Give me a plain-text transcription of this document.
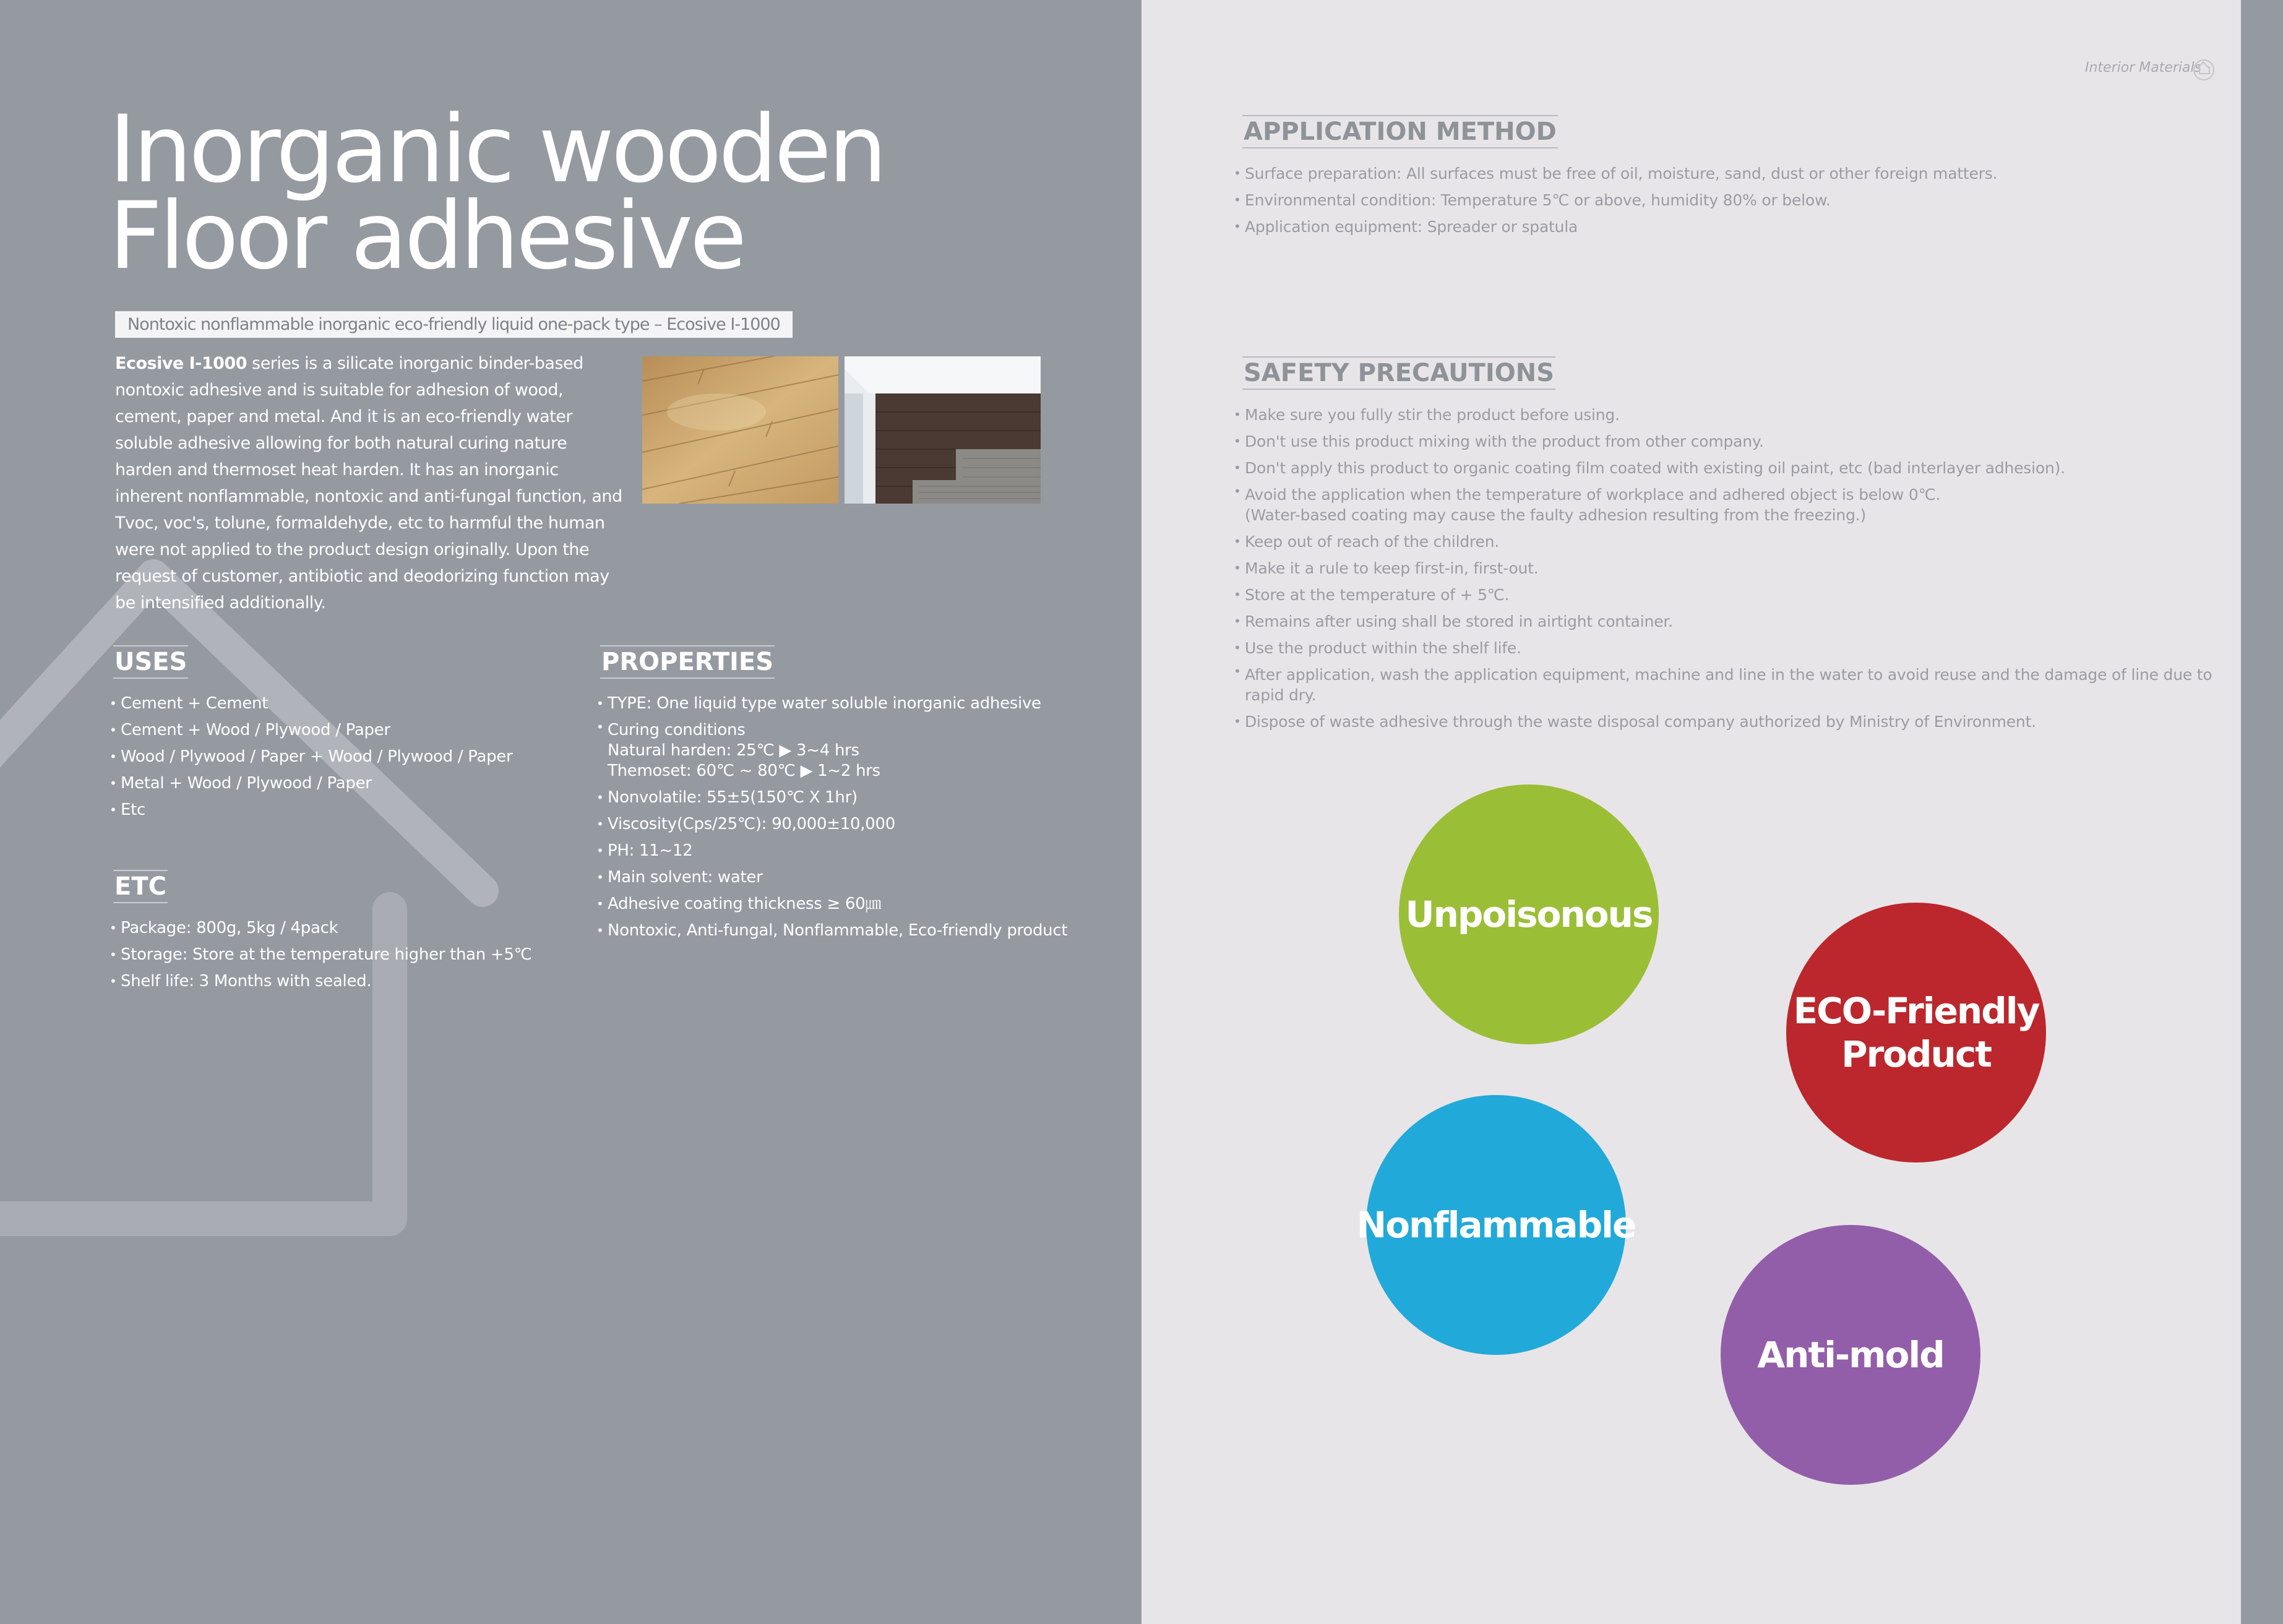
Inorganic wooden
Floor adhesive
Nontoxic nonflammable inorganic eco-friendly liquid one-pack type – Ecosive I-1000
Ecosive I-1000 series is a silicate inorganic binder-based nontoxic adhesive and is suitable for adhesion of wood, cement, paper and metal. And it is an eco-friendly water soluble adhesive allowing for both natural curing nature harden and thermoset heat harden. It has an inorganic inherent nonflammable, nontoxic and anti-fungal function, and Tvoc, voc's, tolune, formaldehyde, etc to harmful the human were not applied to the product design originally. Upon the request of customer, antibiotic and deodorizing function may be intensified additionally.
USES
• Cement + Cement
• Cement + Wood / Plywood / Paper
• Wood / Plywood / Paper + Wood / Plywood / Paper
• Metal + Wood / Plywood / Paper
• Etc
ETC
• Package: 800g, 5kg / 4pack
• Storage: Store at the temperature higher than +5℃
• Shelf life: 3 Months with sealed.
PROPERTIES
• TYPE: One liquid type water soluble inorganic adhesive
• Curing conditions
Natural harden: 25℃ ▶ 3~4 hrs
Themoset: 60℃ ~ 80℃ ▶ 1~2 hrs
• Nonvolatile: 55±5(150℃ X 1hr)
• Viscosity(Cps/25℃): 90,000±10,000
• PH: 11~12
• Main solvent: water
• Adhesive coating thickness ≥ 60㎛
• Nontoxic, Anti-fungal, Nonflammable, Eco-friendly product
Interior Materials
APPLICATION METHOD
• Surface preparation: All surfaces must be free of oil, moisture, sand, dust or other foreign matters.
• Environmental condition: Temperature 5℃ or above, humidity 80% or below.
• Application equipment: Spreader or spatula
SAFETY PRECAUTIONS
• Make sure you fully stir the product before using.
• Don't use this product mixing with the product from other company.
• Don't apply this product to organic coating film coated with existing oil paint, etc (bad interlayer adhesion).
• Avoid the application when the temperature of workplace and adhered object is below 0℃.
(Water-based coating may cause the faulty adhesion resulting from the freezing.)
• Keep out of reach of the children.
• Make it a rule to keep first-in, first-out.
• Store at the temperature of + 5℃.
• Remains after using shall be stored in airtight container.
• Use the product within the shelf life.
• After application, wash the application equipment, machine and line in the water to avoid reuse and the damage of line due to
rapid dry.
• Dispose of waste adhesive through the waste disposal company authorized by Ministry of Environment.
Unpoisonous
ECO-Friendly
Product
Nonflammable
Anti-mold
